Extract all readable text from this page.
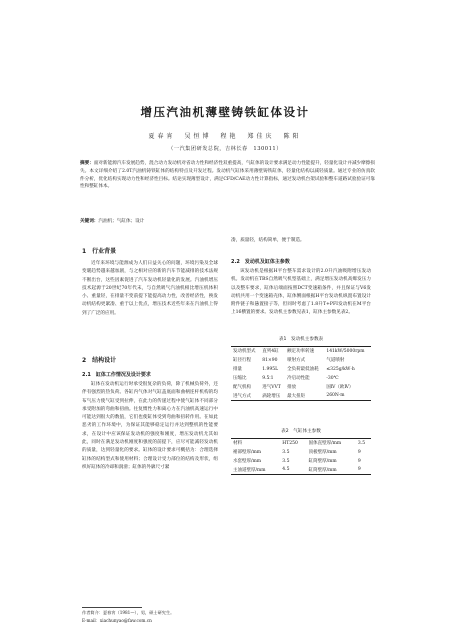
增压汽油机薄壁铸铁缸体设计
夏春宵　吴恒博　程艳　郑佳庆　陈阳
（一汽集团研发总院，吉林长春　130011）
摘要：面对新能源汽车发展趋势，混合动力发动机对省动力性和经济性双重提高，气缸体的设计要求满足动力性能提升，轻量化设计并减少摩擦损失。本文详细介绍了2.0T汽油机铸铁缸体的结构特点及开发过程。发动机气缸体采用薄壁铸铁缸体，轻量化结构以减轻质量。通过专业的仿真软件分析，优化结构实现动力性和经济性目标。结论实现薄型设计，满足CFD/CAE动力性计算指标，通过发动机台架试验和整车道路试验验证可靠性和整缸体本。
关键词：汽油机；气缸体；设计
1　行业背景
近年来环境与能源成为人们日益关心的问题，环境污染及全球变暖趋势越来越加剧，与之相对应的新的汽车节能减排的技术法规不断出台，这些因素促进了汽车发动机轻量化的发展。汽油机增压技术起源于20世纪70年代末，与自然吸气汽油机相比增压机体积小、重量轻，在排量不变前提下能提高动力性，改善经济性，换发动机结构更紧凑、重于以上优点，增压技术近些年来在汽油机上得到了广泛的应用。
2　结构设计
2.1　缸体工作情况及设计要求
缸体在发动机运行时承受很复杂的负荷，除了机械负荷外，还伴有强烈的热负荷。各缸内气体对气缸盖底面和曲柄连杆机构的均布气压力使气缸受到拉伸，在此力的传递过程中使气缸体不同部分承受附加的弯曲和扭曲。往复惯性力和离心力在汽油机高速运行中可能达到很大的数值，它们也使缸体受到弯曲和扭转作用。在如此恶劣的工作环境中，为保证其能够稳定运行并达到整机的性能要求，在设计中应该保证发动机的强度和刚度，增压发动机尤其如此，同时在满足发动机刚度和强度的前提下，应尽可能减轻发动机的质量，达到轻量化的要求。缸体的设计要求可概括为：合理选择缸体的结构型式和使用材料；合理设计受力部位的结构及形状，组织好缸体的冷却和润滑；缸体的外廓尺寸紧
作者简介：夏春宵（1981—），男，硕士研究生。
E-mail：xiachunyao@faw.com.cn
凑，质量轻，结构简单，便于制造。
2.2　发动机及缸体主参数
该发动机是根据H平台整车需求设计的2.0升汽油吸附增压发动机。发动机在TBS自然吸气机型基础上，满足增压发动机高爆发压力以及整车要求，缸体后端面按照DCT变速箱条件，并且保证与V6发动机共用一个变速箱壳体，缸体侧面根据H平台发动机纵置布置设计附件链子和悬置接子等，但同时考虑了1.8升T+PFI发动机在M平台上16横置的要求。发动机主参数见表1，缸体主参数见表2。
表1　发动机主参数表
发动机型式	直列4缸	额定功率转速	141kW/5000rpm
缸径行程	81×90	喷射方式	气道喷射
排量	1.995L	全负荷最低油耗	≤325g/kW·h
压缩比	9.5∶1	冷启动性能	-30℃
配气机构	进气VVT	排放	国Ⅳ（欧Ⅳ）
进气方式	涡轮增压	最大扭矩	260N·m
表2　气缸体主参数
材料	HT250	固体直壁厚/mm	3.5
裙部壁厚/mm	3.5	顶板壁厚/mm	9
水套壁厚/mm	3.5	缸筒壁厚/mm	9
主油道壁厚/mm	4.5	缸筒壁厚/mm	9
